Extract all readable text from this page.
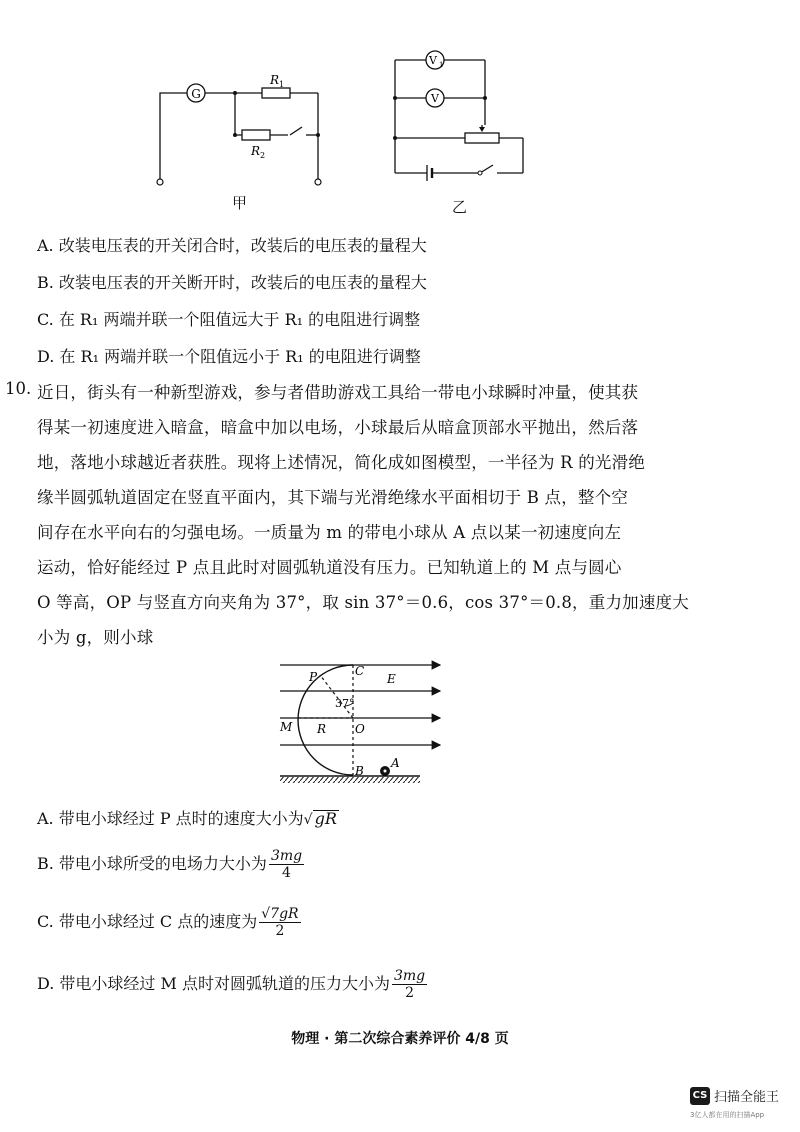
G
R 1
R 2
甲
V 1
V
乙
A. 改装电压表的开关闭合时，改装后的电压表的量程大
B. 改装电压表的开关断开时，改装后的电压表的量程大
C. 在 R₁ 两端并联一个阻值远大于 R₁ 的电阻进行调整
D. 在 R₁ 两端并联一个阻值远小于 R₁ 的电阻进行调整
10. 近日，街头有一种新型游戏，参与者借助游戏工具给一带电小球瞬时冲量，使其获
得某一初速度进入暗盒，暗盒中加以电场，小球最后从暗盒顶部水平抛出，然后落
地，落地小球越近者获胜。现将上述情况，简化成如图模型，一半径为 R 的光滑绝
缘半圆弧轨道固定在竖直平面内，其下端与光滑绝缘水平面相切于 B 点，整个空
间存在水平向右的匀强电场。一质量为 m 的带电小球从 A 点以某一初速度向左
运动，恰好能经过 P 点且此时对圆弧轨道没有压力。已知轨道上的 M 点与圆心
O 等高，OP 与竖直方向夹角为 37°，取 sin 37°＝0.6，cos 37°＝0.8，重力加速度大
小为 g，则小球
P	C
E
37°
M R O
B
A
A. 带电小球经过 P 点时的速度大小为√ gR
B. 带电小球所受的电场力大小为 $\frac{3mg}{4}$
C. 带电小球经过 C 点的速度为 $\frac{√7gR}{2}$
D. 带电小球经过 M 点时对圆弧轨道的压力大小为 $\frac{3mg}{2}$
物理 · 第二次综合素养评价 4/8 页
CS 扫描全能王
3亿人都在用的扫描App
